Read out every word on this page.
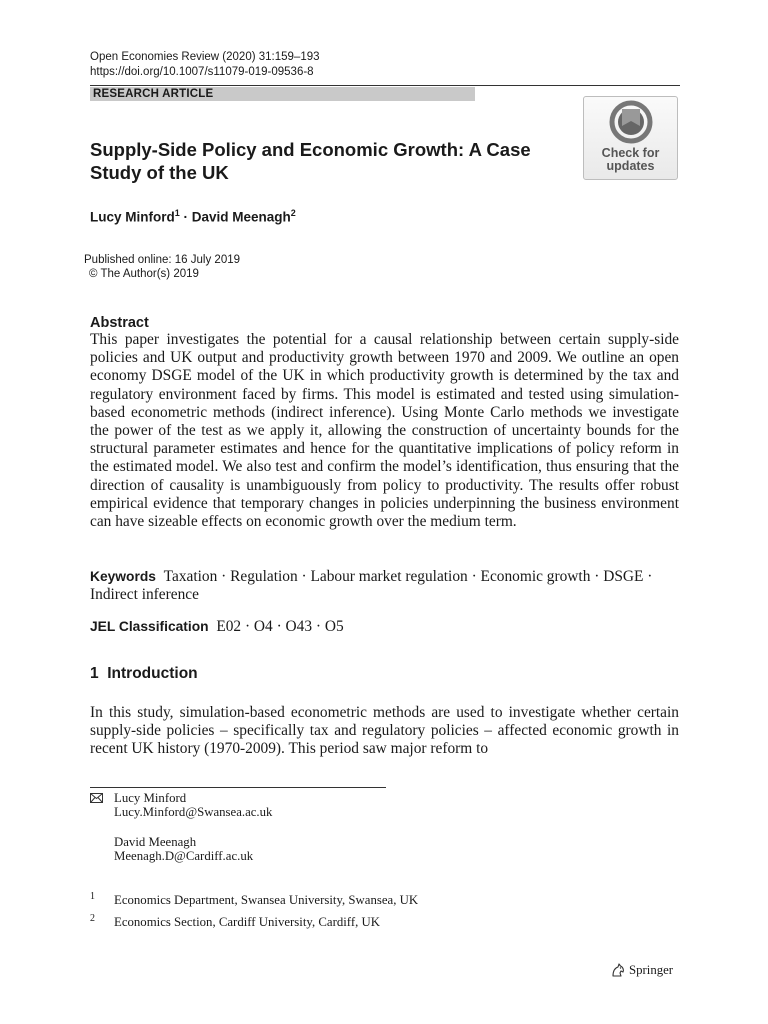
Open Economies Review (2020) 31:159–193
https://doi.org/10.1007/s11079-019-09536-8
RESEARCH ARTICLE
Supply-Side Policy and Economic Growth: A Case Study of the UK
Lucy Minford$^1$ · David Meenagh$^2$
Check for
updates
Published online: 16 July 2019
© The Author(s) 2019
Abstract
This paper investigates the potential for a causal relationship between certain supply-side policies and UK output and productivity growth between 1970 and 2009. We outline an open economy DSGE model of the UK in which productivity growth is determined by the tax and regulatory environment faced by firms. This model is estimated and tested using simulation-based econometric methods (indirect inference). Using Monte Carlo methods we investigate the power of the test as we apply it, allowing the construction of uncertainty bounds for the structural parameter estimates and hence for the quantitative implications of policy reform in the estimated model. We also test and confirm the model’s identification, thus ensuring that the direction of causality is unambiguously from policy to productivity. The results offer robust empirical evidence that temporary changes in policies underpinning the business environment can have sizeable effects on economic growth over the medium term.
Keywords Taxation · Regulation · Labour market regulation · Economic growth · DSGE · Indirect inference
JEL Classification E02 · O4 · O43 · O5
1  Introduction
In this study, simulation-based econometric methods are used to investigate whether certain supply-side policies – specifically tax and regulatory policies – affected economic growth in recent UK history (1970-2009). This period saw major reform to
Lucy Minford
Lucy.Minford@Swansea.ac.uk
David Meenagh
Meenagh.D@Cardiff.ac.uk
1 Economics Department, Swansea University, Swansea, UK
2 Economics Section, Cardiff University, Cardiff, UK
Springer
